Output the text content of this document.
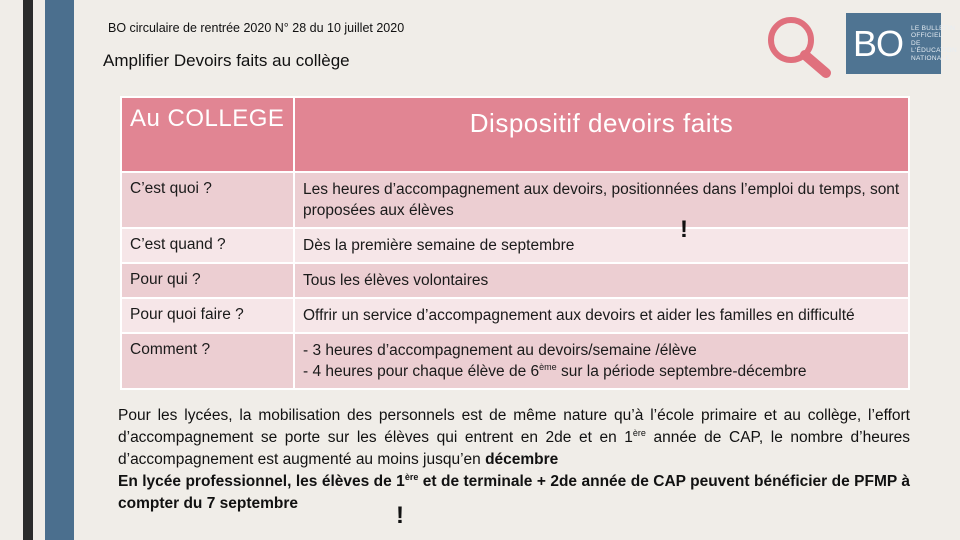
BO circulaire de rentrée 2020 N° 28 du 10 juillet 2020
Amplifier Devoirs faits au collège	BO LE BULLETIN
OFFICIEL
DE L'ÉDUCATION
NATIONALE
Au COLLEGE	Dispositif devoirs faits
C’est quoi ?	Les heures d’accompagnement aux devoirs, positionnées dans l’emploi du temps, sont proposées aux élèves
C’est quand ?	Dès la première semaine de septembre
Pour qui ?	Tous les élèves volontaires
Pour quoi faire ?	Offrir un service d’accompagnement aux devoirs et aider les familles en difficulté
Comment ?	- 3 heures d’accompagnement au devoirs/semaine /élève
- 4 heures pour chaque élève de 6ème sur la période septembre-décembre
!
Pour les lycées, la mobilisation des personnels est de même nature qu’à l’école primaire et au collège, l’effort d’accompagnement se porte sur les élèves qui entrent en 2de et en 1ère année de CAP, le nombre d’heures d’accompagnement est augmenté au moins jusqu’en décembre
En lycée professionnel, les élèves de 1ère et de terminale + 2de année de CAP peuvent bénéficier de PFMP à compter du 7 septembre	!
